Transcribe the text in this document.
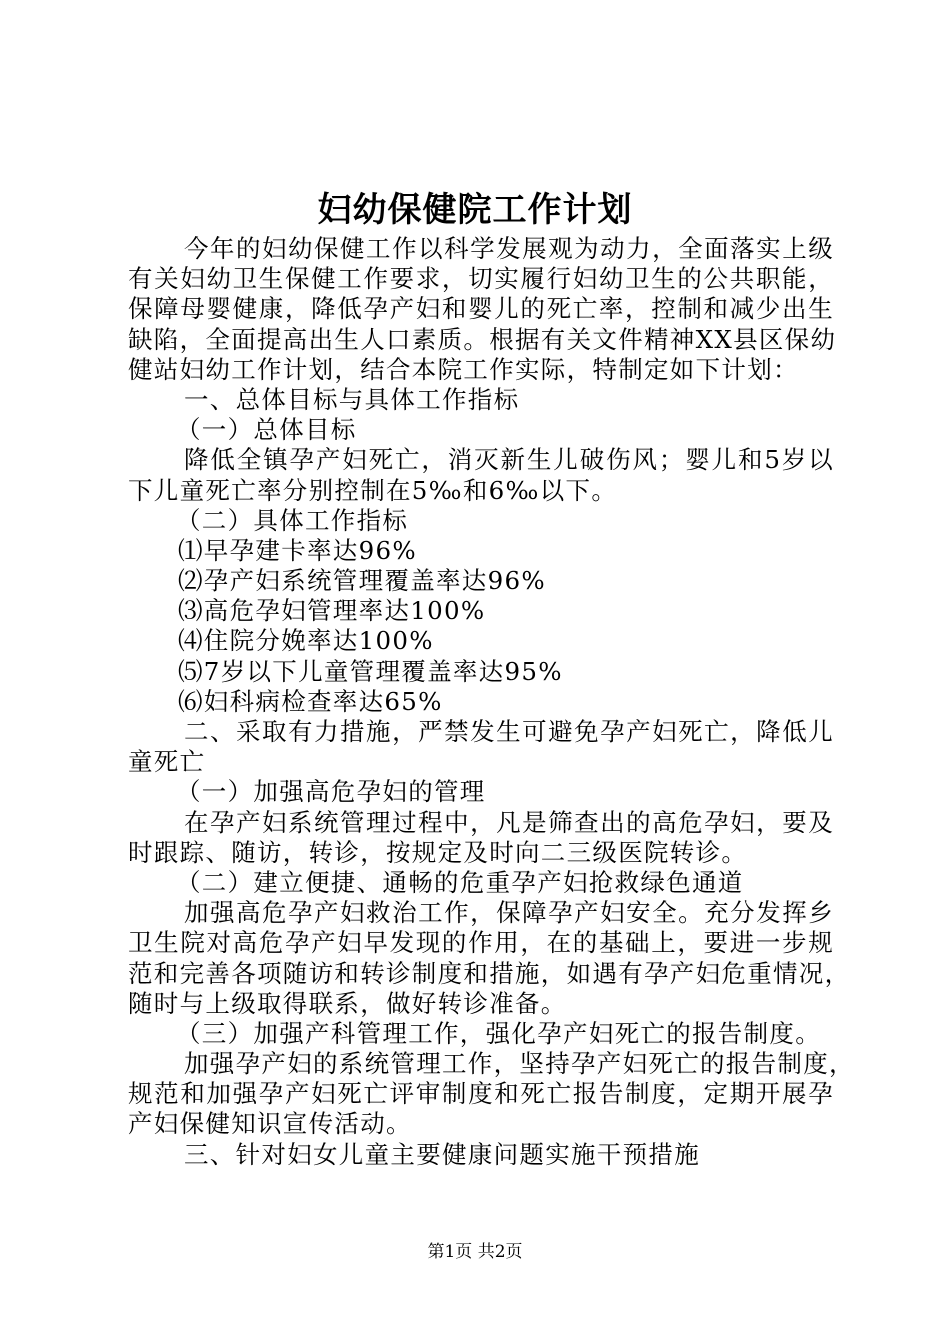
妇幼保健院工作计划
今年的妇幼保健工作以科学发展观为动力，全面落实上级
有关妇幼卫生保健工作要求，切实履行妇幼卫生的公共职能，
保障母婴健康，降低孕产妇和婴儿的死亡率，控制和减少出生
缺陷，全面提高出生人口素质。根据有关文件精神XX县区保幼
健站妇幼工作计划，结合本院工作实际，特制定如下计划：
一、总体目标与具体工作指标
（一）总体目标
降低全镇孕产妇死亡，消灭新生儿破伤风；婴儿和5岁以
下儿童死亡率分别控制在5‰和6‰以下。
（二）具体工作指标
⑴早孕建卡率达96%
⑵孕产妇系统管理覆盖率达96%
⑶高危孕妇管理率达100%
⑷住院分娩率达100%
⑸7岁以下儿童管理覆盖率达95%
⑹妇科病检查率达65%
二、采取有力措施，严禁发生可避免孕产妇死亡，降低儿
童死亡
（一）加强高危孕妇的管理
在孕产妇系统管理过程中，凡是筛查出的高危孕妇，要及
时跟踪、随访，转诊，按规定及时向二三级医院转诊。
（二）建立便捷、通畅的危重孕产妇抢救绿色通道
加强高危孕产妇救治工作，保障孕产妇安全。充分发挥乡
卫生院对高危孕产妇早发现的作用，在的基础上，要进一步规
范和完善各项随访和转诊制度和措施，如遇有孕产妇危重情况，
随时与上级取得联系，做好转诊准备。
（三）加强产科管理工作，强化孕产妇死亡的报告制度。
加强孕产妇的系统管理工作，坚持孕产妇死亡的报告制度，
规范和加强孕产妇死亡评审制度和死亡报告制度，定期开展孕
产妇保健知识宣传活动。
三、针对妇女儿童主要健康问题实施干预措施
第1页 共2页
